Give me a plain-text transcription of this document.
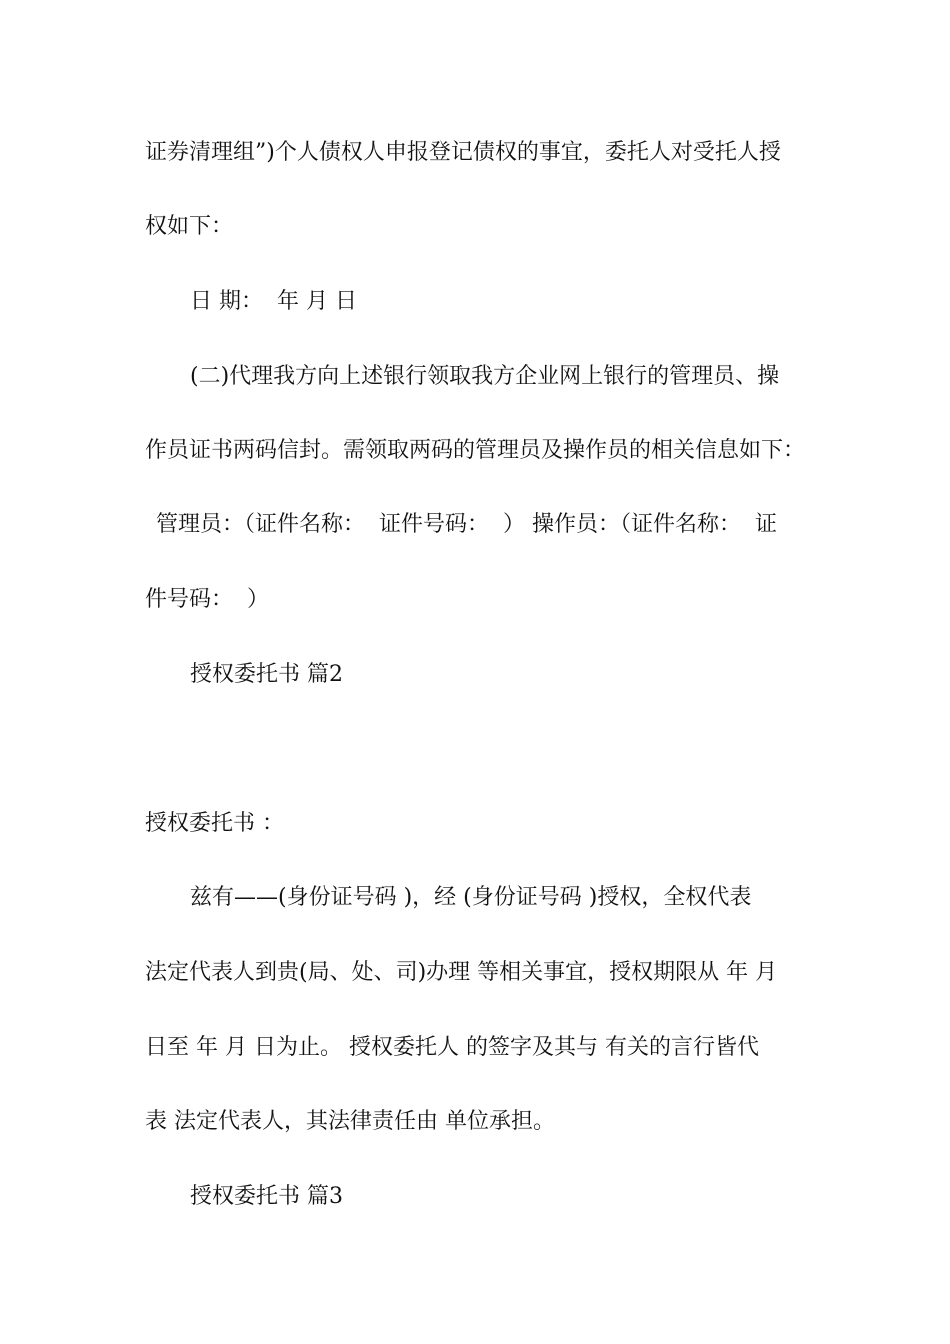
证券清理组”)个人债权人申报登记债权的事宜，委托人对受托人授

权如下：

日 期：  年 月 日

(二)代理我方向上述银行领取我方企业网上银行的管理员、操

作员证书两码信封。需领取两码的管理员及操作员的相关信息如下：

管理员：（证件名称：  证件号码：  ） 操作员：（证件名称：  证

件号码：  ）

授权委托书 篇2

授权委托书 ：

兹有——(身份证号码 )，经 (身份证号码 )授权，全权代表

法定代表人到贵(局、处、司)办理 等相关事宜，授权期限从 年 月

日至 年 月 日为止。 授权委托人 的签字及其与 有关的言行皆代

表 法定代表人，其法律责任由 单位承担。

授权委托书 篇3
